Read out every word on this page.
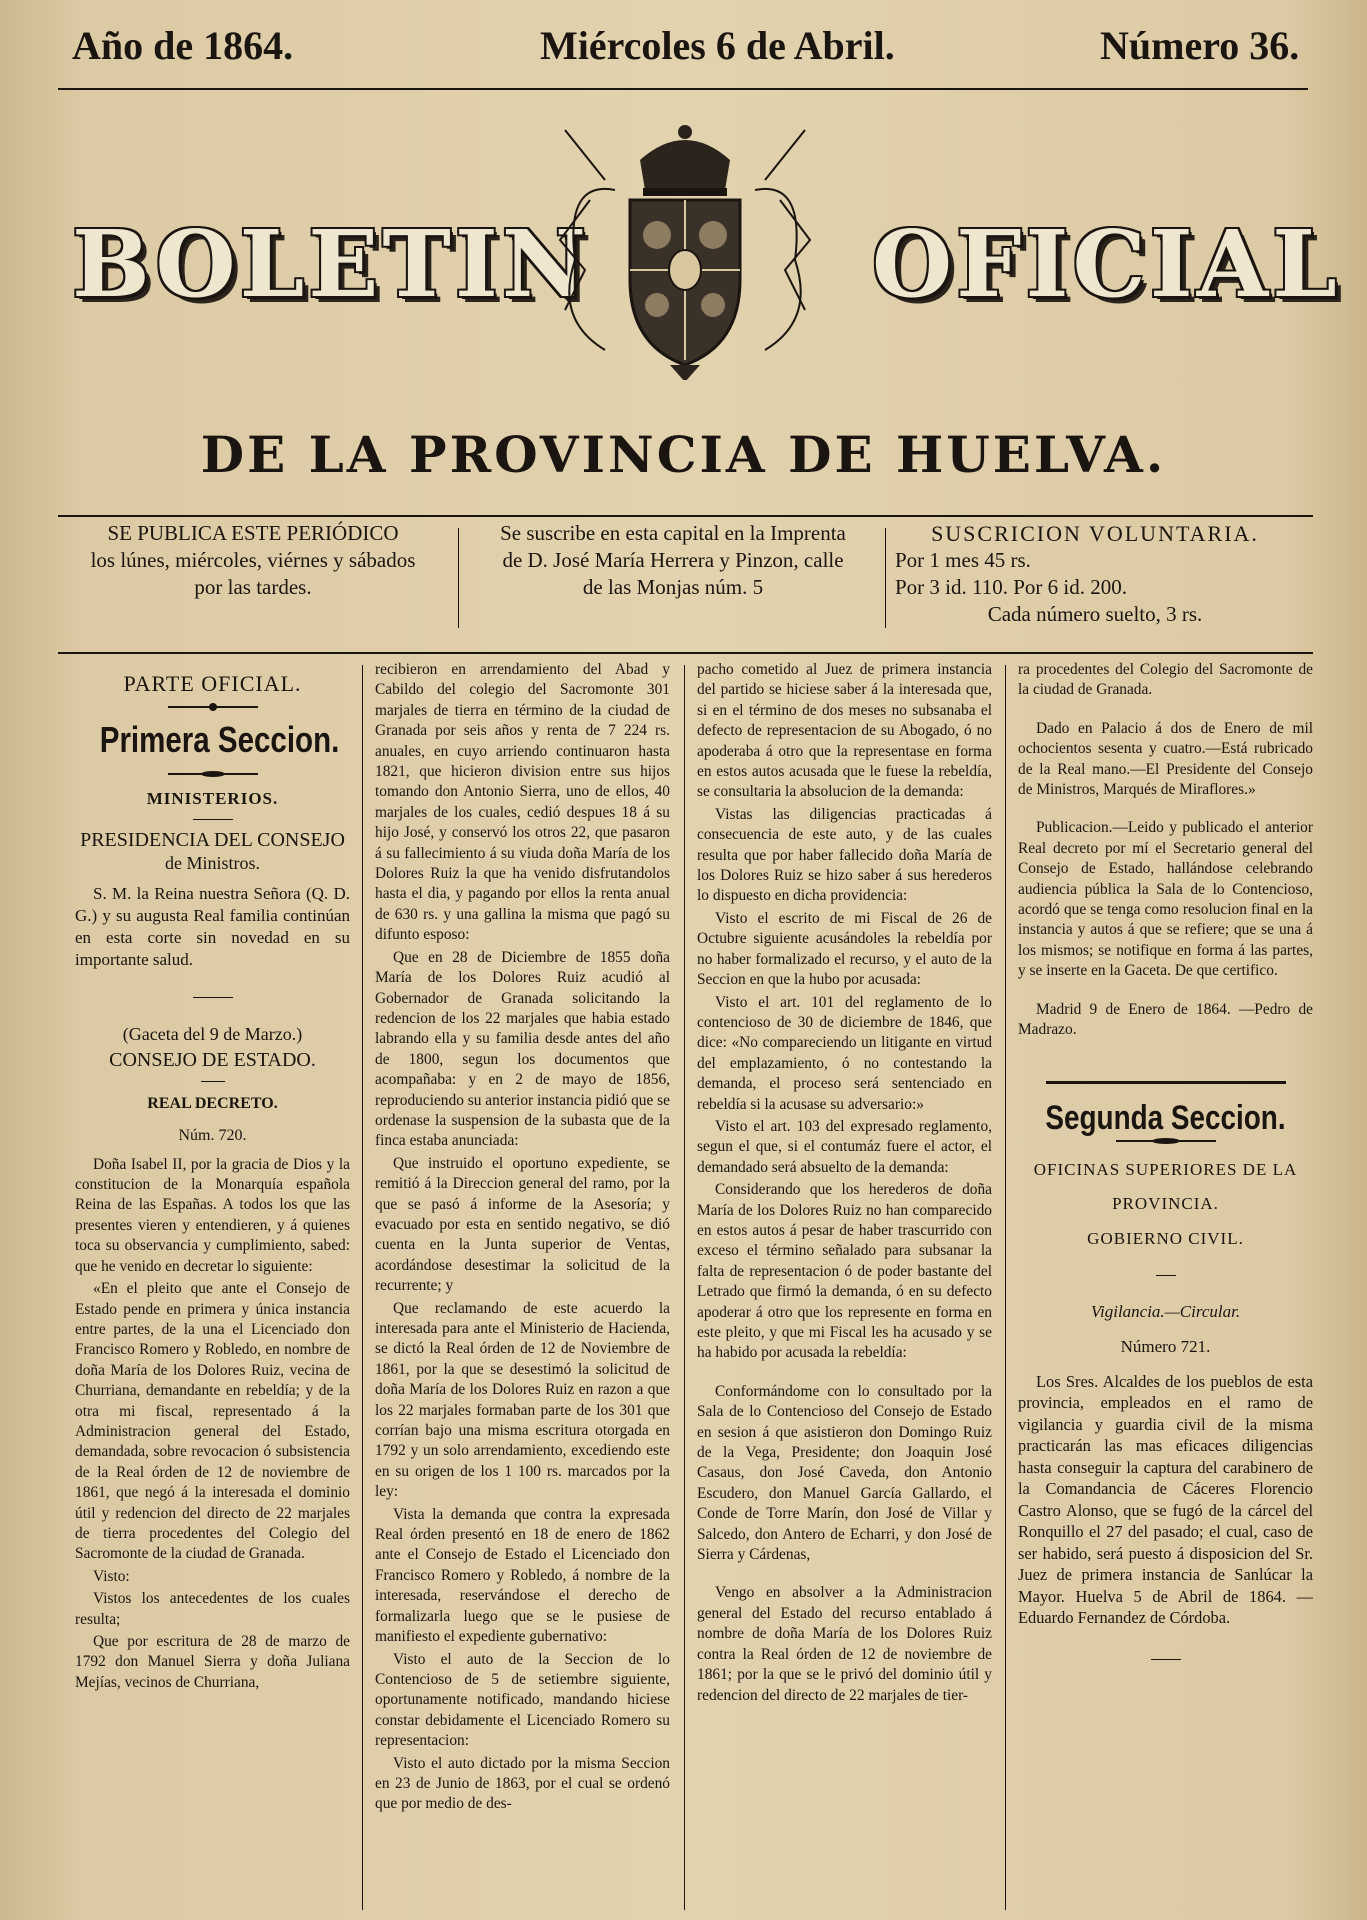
Año de 1864.	Miércoles 6 de Abril.	Número 36.
BOLETIN	OFICIAL
DE LA PROVINCIA DE HUELVA.
SE PUBLICA ESTE PERIÓDICO
los lúnes, miércoles, viérnes y sábados
por las tardes.
Se suscribe en esta capital en la Imprenta
de D. José María Herrera y Pinzon, calle
de las Monjas núm. 5
SUSCRICION VOLUNTARIA.
Por 1 mes 45 rs.
Por 3 id. 110. Por 6 id. 200.
Cada número suelto, 3 rs.

PARTE OFICIAL.

Primera Seccion.

MINISTERIOS.

PRESIDENCIA DEL CONSEJO

de Ministros.

S. M. la Reina nuestra Señora (Q. D. G.) y su augusta Real familia continúan en esta corte sin novedad en su importante salud.

(Gaceta del 9 de Marzo.)

CONSEJO DE ESTADO.

REAL DECRETO.

Núm. 720.

Doña Isabel II, por la gracia de Dios y la constitucion de la Monarquía española Reina de las Españas. A todos los que las presentes vieren y entendieren, y á quienes toca su observancia y cumplimiento, sabed: que he venido en decretar lo siguiente:

«En el pleito que ante el Consejo de Estado pende en primera y única instancia entre partes, de la una el Licenciado don Francisco Romero y Robledo, en nombre de doña María de los Dolores Ruiz, vecina de Churriana, demandante en rebeldía; y de la otra mi fiscal, representado á la Administracion general del Estado, demandada, sobre revocacion ó subsistencia de la Real órden de 12 de noviembre de 1861, que negó á la interesada el dominio útil y redencion del directo de 22 marjales de tierra procedentes del Colegio del Sacromonte de la ciudad de Granada.

Visto:

Vistos los antecedentes de los cuales resulta;

Que por escritura de 28 de marzo de 1792 don Manuel Sierra y doña Juliana Mejías, vecinos de Churriana,

recibieron en arrendamiento del Abad y Cabildo del colegio del Sacromonte 301 marjales de tierra en término de la ciudad de Granada por seis años y renta de 7 224 rs. anuales, en cuyo arriendo continuaron hasta 1821, que hicieron division entre sus hijos tomando don Antonio Sierra, uno de ellos, 40 marjales de los cuales, cedió despues 18 á su hijo José, y conservó los otros 22, que pasaron á su fallecimiento á su viuda doña María de los Dolores Ruiz la que ha venido disfrutandolos hasta el dia, y pagando por ellos la renta anual de 630 rs. y una gallina la misma que pagó su difunto esposo:

Que en 28 de Diciembre de 1855 doña María de los Dolores Ruiz acudió al Gobernador de Granada solicitando la redencion de los 22 marjales que habia estado labrando ella y su familia desde antes del año de 1800, segun los documentos que acompañaba: y en 2 de mayo de 1856, reproduciendo su anterior instancia pidió que se ordenase la suspension de la subasta que de la finca estaba anunciada:

Que instruido el oportuno expediente, se remitió á la Direccion general del ramo, por la que se pasó á informe de la Asesoría; y evacuado por esta en sentido negativo, se dió cuenta en la Junta superior de Ventas, acordándose desestimar la solicitud de la recurrente; y

Que reclamando de este acuerdo la interesada para ante el Ministerio de Hacienda, se dictó la Real órden de 12 de Noviembre de 1861, por la que se desestimó la solicitud de doña María de los Dolores Ruiz en razon a que los 22 marjales formaban parte de los 301 que corrían bajo una misma escritura otorgada en 1792 y un solo arrendamiento, excediendo este en su origen de los 1 100 rs. marcados por la ley:

Vista la demanda que contra la expresada Real órden presentó en 18 de enero de 1862 ante el Consejo de Estado el Licenciado don Francisco Romero y Robledo, á nombre de la interesada, reservándose el derecho de formalizarla luego que se le pusiese de manifiesto el expediente gubernativo:

Visto el auto de la Seccion de lo Contencioso de 5 de setiembre siguiente, oportunamente notificado, mandando hiciese constar debidamente el Licenciado Romero su representacion:

Visto el auto dictado por la misma Seccion en 23 de Junio de 1863, por el cual se ordenó que por medio de des-

pacho cometido al Juez de primera instancia del partido se hiciese saber á la interesada que, si en el término de dos meses no subsanaba el defecto de representacion de su Abogado, ó no apoderaba á otro que la representase en forma en estos autos acusada que le fuese la rebeldía, se consultaria la absolucion de la demanda:

Vistas las diligencias practicadas á consecuencia de este auto, y de las cuales resulta que por haber fallecido doña María de los Dolores Ruiz se hizo saber á sus herederos lo dispuesto en dicha providencia:

Visto el escrito de mi Fiscal de 26 de Octubre siguiente acusándoles la rebeldía por no haber formalizado el recurso, y el auto de la Seccion en que la hubo por acusada:

Visto el art. 101 del reglamento de lo contencioso de 30 de diciembre de 1846, que dice: «No compareciendo un litigante en virtud del emplazamiento, ó no contestando la demanda, el proceso será sentenciado en rebeldía si la acusase su adversario:»

Visto el art. 103 del expresado reglamento, segun el que, si el contumáz fuere el actor, el demandado será absuelto de la demanda:

Considerando que los herederos de doña María de los Dolores Ruiz no han comparecido en estos autos á pesar de haber trascurrido con exceso el término señalado para subsanar la falta de representacion ó de poder bastante del Letrado que firmó la demanda, ó en su defecto apoderar á otro que los represente en forma en este pleito, y que mi Fiscal les ha acusado y se ha habido por acusada la rebeldía:

Conformándome con lo consultado por la Sala de lo Contencioso del Consejo de Estado en sesion á que asistieron don Domingo Ruiz de la Vega, Presidente; don Joaquin José Casaus, don José Caveda, don Antonio Escudero, don Manuel García Gallardo, el Conde de Torre Marín, don José de Villar y Salcedo, don Antero de Echarri, y don José de Sierra y Cárdenas,

Vengo en absolver a la Administracion general del Estado del recurso entablado á nombre de doña María de los Dolores Ruiz contra la Real órden de 12 de noviembre de 1861; por la que se le privó del dominio útil y redencion del directo de 22 marjales de tier-

ra procedentes del Colegio del Sacromonte de la ciudad de Granada.

Dado en Palacio á dos de Enero de mil ochocientos sesenta y cuatro.—Está rubricado de la Real mano.—El Presidente del Consejo de Ministros, Marqués de Miraflores.»

Publicacion.—Leido y publicado el anterior Real decreto por mí el Secretario general del Consejo de Estado, hallándose celebrando audiencia pública la Sala de lo Contencioso, acordó que se tenga como resolucion final en la instancia y autos á que se refiere; que se una á los mismos; se notifique en forma á las partes, y se inserte en la Gaceta. De que certifico.

Madrid 9 de Enero de 1864. —Pedro de Madrazo.

Segunda Seccion.

OFICINAS SUPERIORES DE LA

PROVINCIA.

GOBIERNO CIVIL.

Vigilancia.—Circular.

Número 721.

Los Sres. Alcaldes de los pueblos de esta provincia, empleados en el ramo de vigilancia y guardia civil de la misma practicarán las mas eficaces diligencias hasta conseguir la captura del carabinero de la Comandancia de Cáceres Florencio Castro Alonso, que se fugó de la cárcel del Ronquillo el 27 del pasado; el cual, caso de ser habido, será puesto á disposicion del Sr. Juez de primera instancia de Sanlúcar la Mayor. Huelva 5 de Abril de 1864. —Eduardo Fernandez de Córdoba.
